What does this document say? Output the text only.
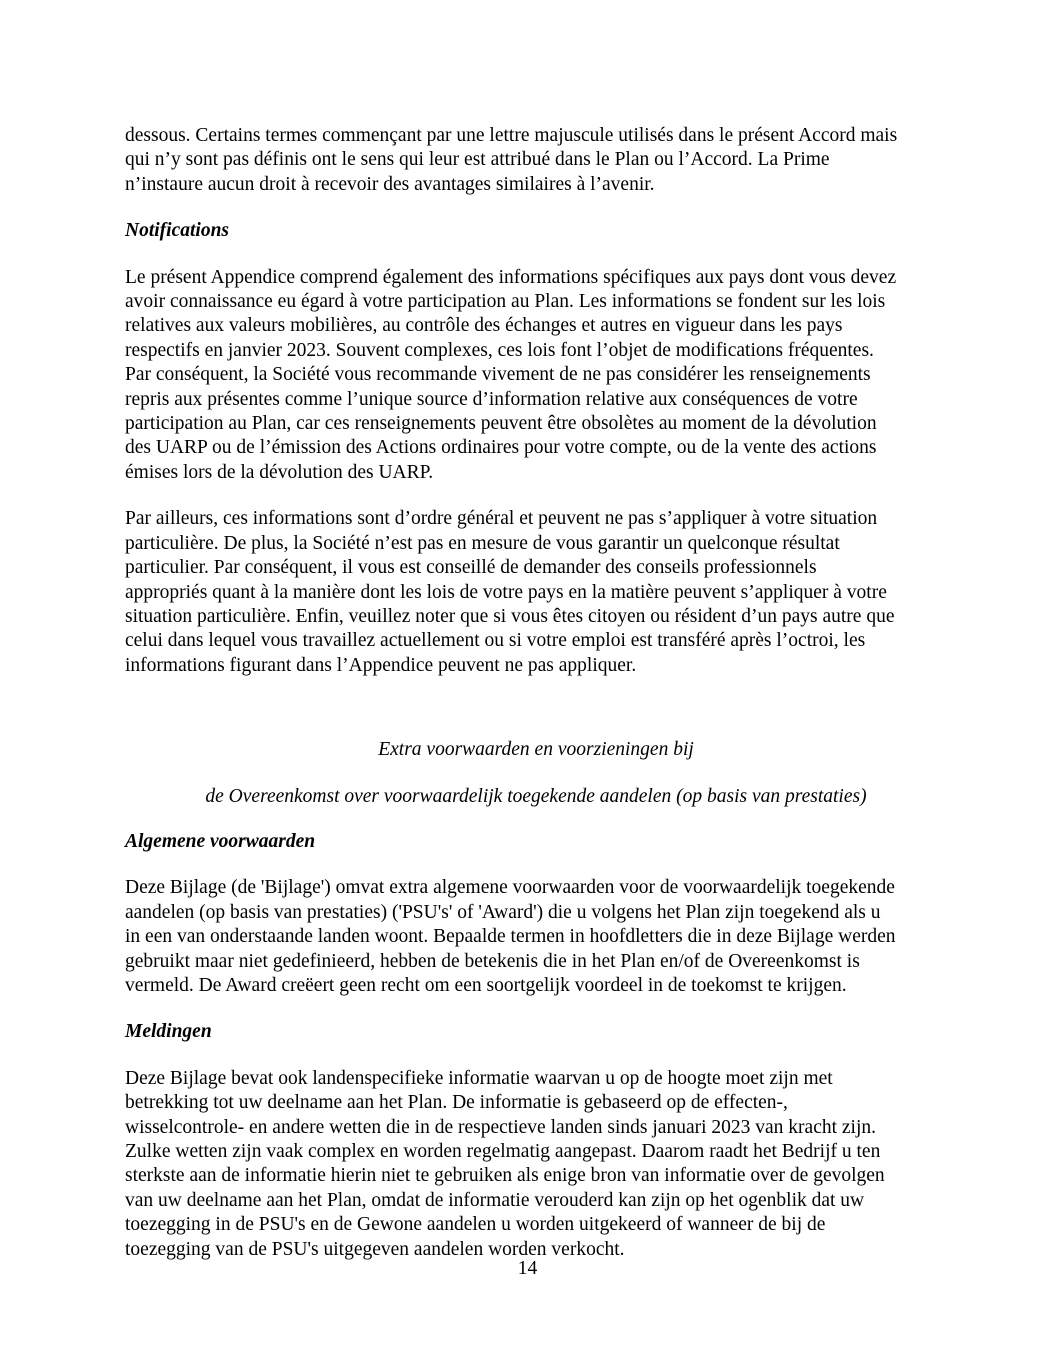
dessous. Certains termes commençant par une lettre majuscule utilisés dans le présent Accord mais
qui n’y sont pas définis ont le sens qui leur est attribué dans le Plan ou l’Accord. La Prime
n’instaure aucun droit à recevoir des avantages similaires à l’avenir.

Notifications

Le présent Appendice comprend également des informations spécifiques aux pays dont vous devez
avoir connaissance eu égard à votre participation au Plan. Les informations se fondent sur les lois
relatives aux valeurs mobilières, au contrôle des échanges et autres en vigueur dans les pays
respectifs en janvier 2023. Souvent complexes, ces lois font l’objet de modifications fréquentes.
Par conséquent, la Société vous recommande vivement de ne pas considérer les renseignements
repris aux présentes comme l’unique source d’information relative aux conséquences de votre
participation au Plan, car ces renseignements peuvent être obsolètes au moment de la dévolution
des UARP ou de l’émission des Actions ordinaires pour votre compte, ou de la vente des actions
émises lors de la dévolution des UARP.

Par ailleurs, ces informations sont d’ordre général et peuvent ne pas s’appliquer à votre situation
particulière. De plus, la Société n’est pas en mesure de vous garantir un quelconque résultat
particulier. Par conséquent, il vous est conseillé de demander des conseils professionnels
appropriés quant à la manière dont les lois de votre pays en la matière peuvent s’appliquer à votre
situation particulière. Enfin, veuillez noter que si vous êtes citoyen ou résident d’un pays autre que
celui dans lequel vous travaillez actuellement ou si votre emploi est transféré après l’octroi, les
informations figurant dans l’Appendice peuvent ne pas appliquer.

Extra voorwaarden en voorzieningen bij

de Overeenkomst over voorwaardelijk toegekende aandelen (op basis van prestaties)

Algemene voorwaarden

Deze Bijlage (de 'Bijlage') omvat extra algemene voorwaarden voor de voorwaardelijk toegekende
aandelen (op basis van prestaties) ('PSU's' of 'Award') die u volgens het Plan zijn toegekend als u
in een van onderstaande landen woont. Bepaalde termen in hoofdletters die in deze Bijlage werden
gebruikt maar niet gedefinieerd, hebben de betekenis die in het Plan en/of de Overeenkomst is
vermeld. De Award creëert geen recht om een soortgelijk voordeel in de toekomst te krijgen.

Meldingen

Deze Bijlage bevat ook landenspecifieke informatie waarvan u op de hoogte moet zijn met
betrekking tot uw deelname aan het Plan. De informatie is gebaseerd op de effecten-,
wisselcontrole- en andere wetten die in de respectieve landen sinds januari 2023 van kracht zijn.
Zulke wetten zijn vaak complex en worden regelmatig aangepast. Daarom raadt het Bedrijf u ten
sterkste aan de informatie hierin niet te gebruiken als enige bron van informatie over de gevolgen
van uw deelname aan het Plan, omdat de informatie verouderd kan zijn op het ogenblik dat uw
toezegging in de PSU's en de Gewone aandelen u worden uitgekeerd of wanneer de bij de
toezegging van de PSU's uitgegeven aandelen worden verkocht.

14
